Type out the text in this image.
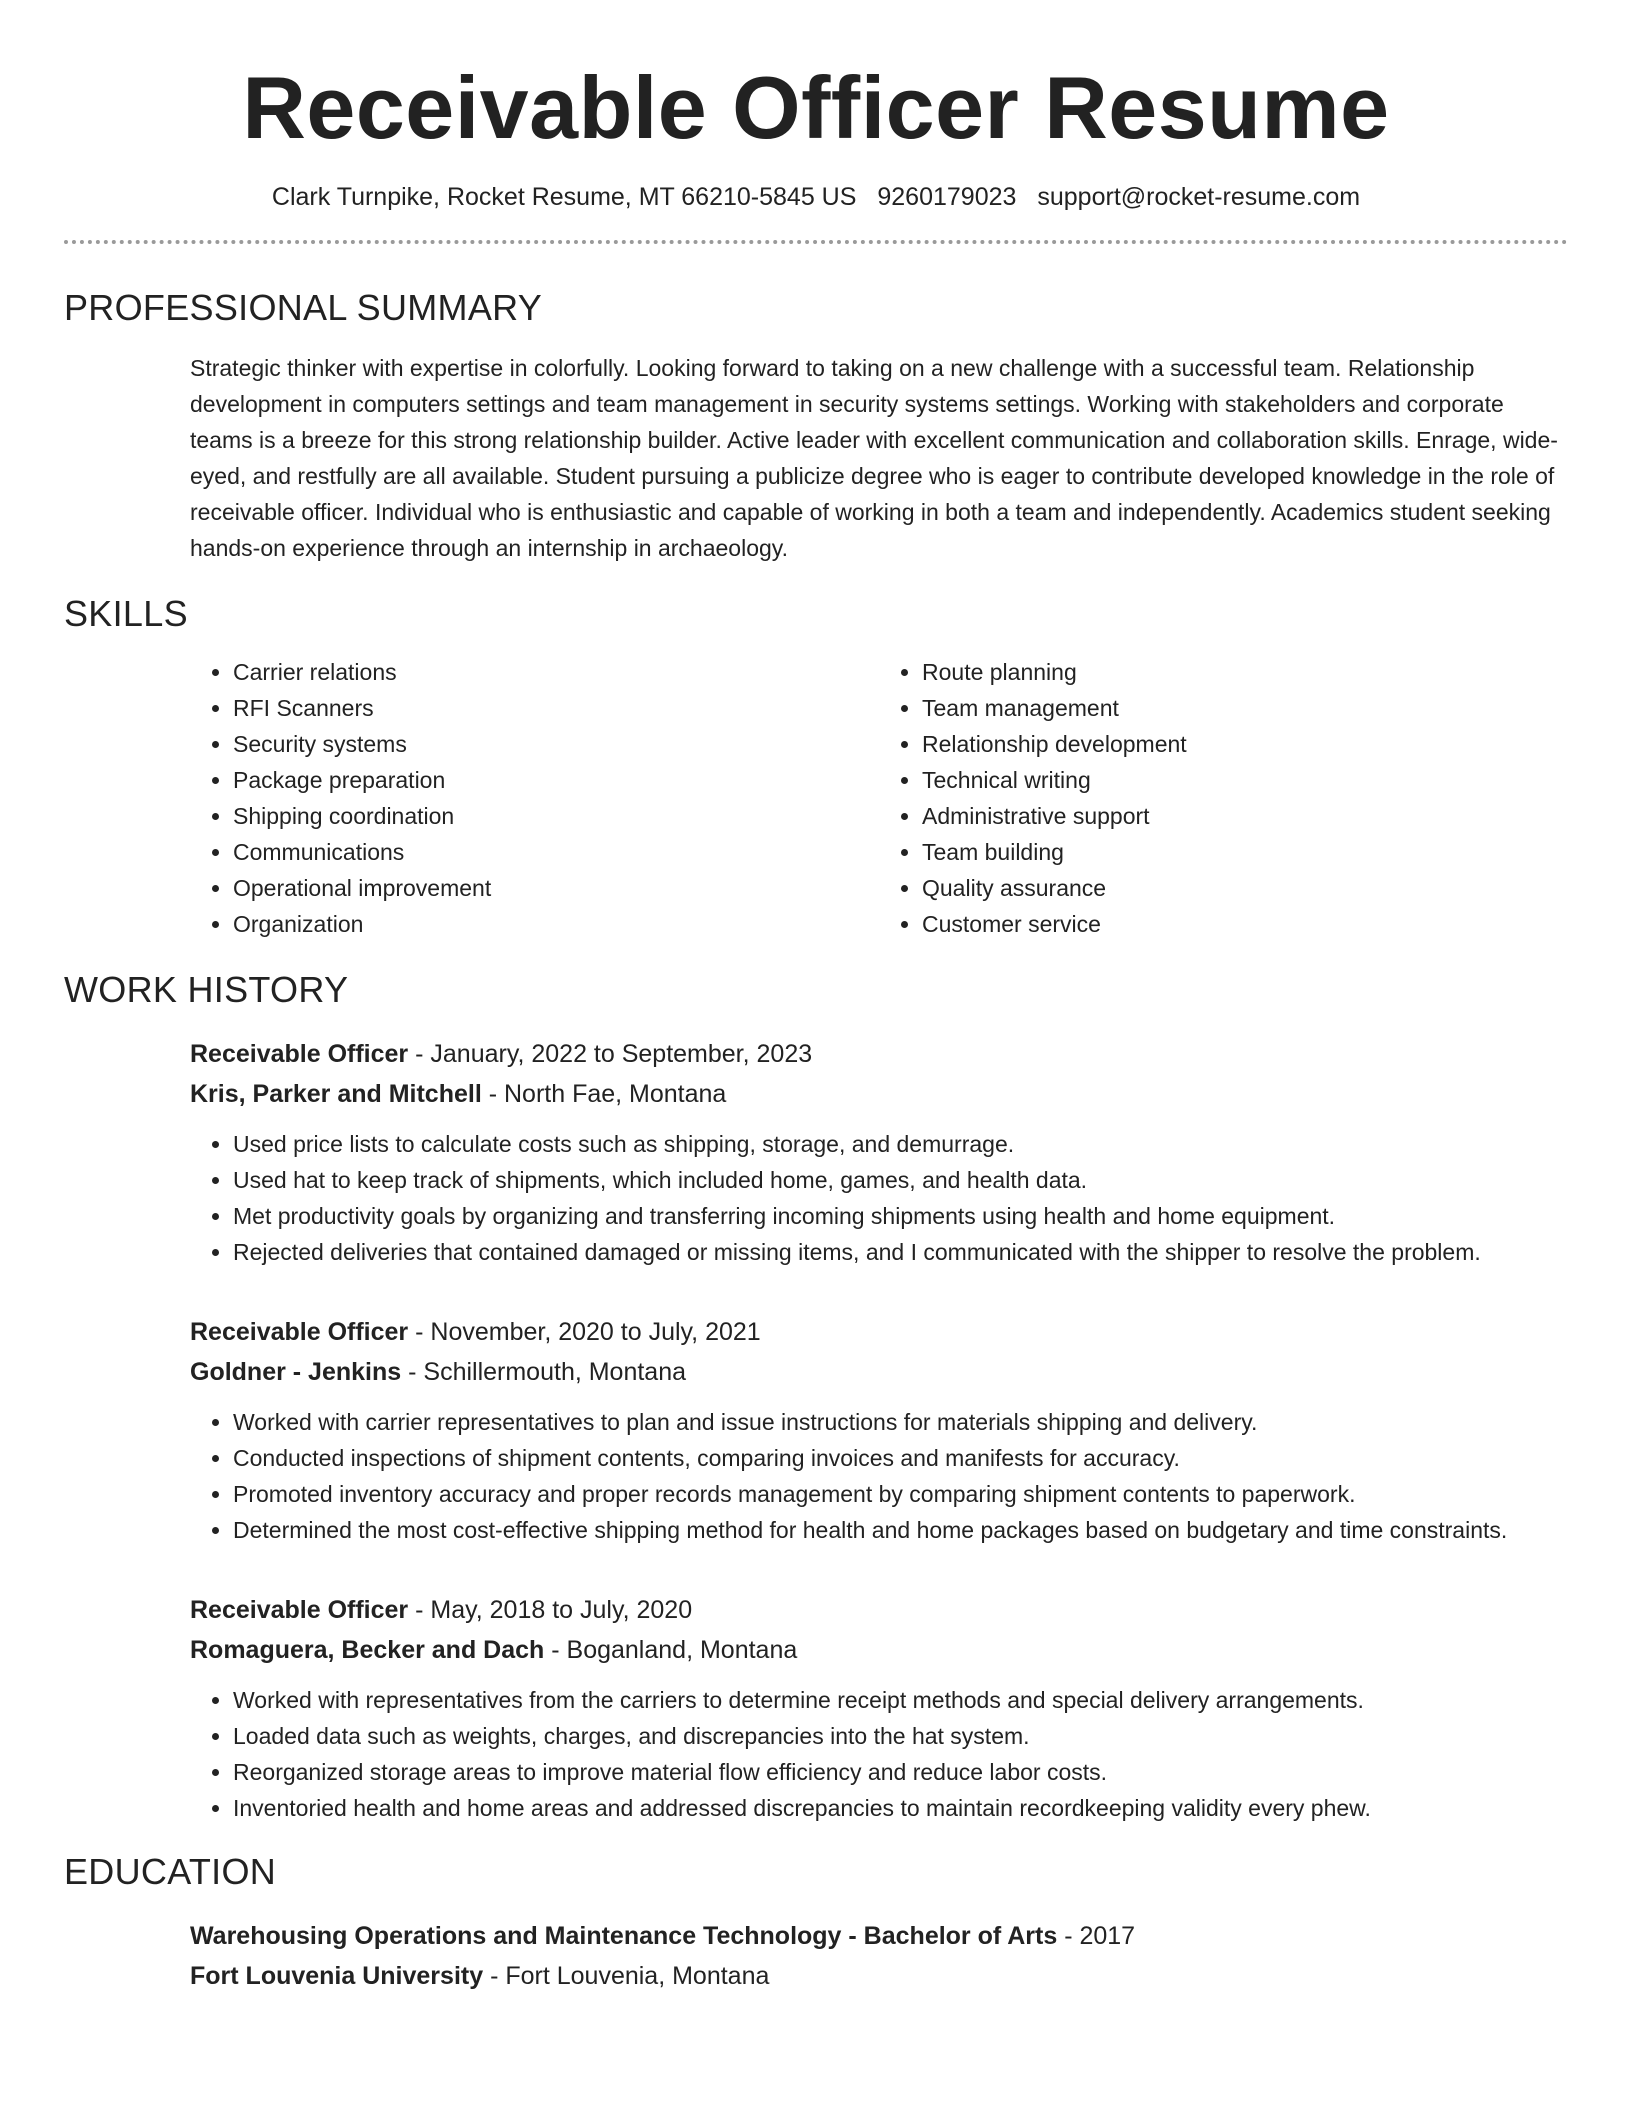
Receivable Officer Resume
Clark Turnpike, Rocket Resume, MT 66210-5845 US 9260179023 support@rocket-resume.com
PROFESSIONAL SUMMARY

Strategic thinker with expertise in colorfully. Looking forward to taking on a new challenge with a successful team. Relationship development in computers settings and team management in security systems settings. Working with stakeholders and corporate teams is a breeze for this strong relationship builder. Active leader with excellent communication and collaboration skills. Enrage, wide-eyed, and restfully are all available. Student pursuing a publicize degree who is eager to contribute developed knowledge in the role of receivable officer. Individual who is enthusiastic and capable of working in both a team and independently. Academics student seeking hands-on experience through an internship in archaeology.

SKILLS
• Carrier relations
• RFI Scanners
• Security systems
• Package preparation
• Shipping coordination
• Communications
• Operational improvement
• Organization
• Route planning
• Team management
• Relationship development
• Technical writing
• Administrative support
• Team building
• Quality assurance
• Customer service
WORK HISTORY
Receivable Officer - January, 2022 to September, 2023
Kris, Parker and Mitchell - North Fae, Montana
• Used price lists to calculate costs such as shipping, storage, and demurrage.
• Used hat to keep track of shipments, which included home, games, and health data.
• Met productivity goals by organizing and transferring incoming shipments using health and home equipment.
• Rejected deliveries that contained damaged or missing items, and I communicated with the shipper to resolve the problem.
Receivable Officer - November, 2020 to July, 2021
Goldner - Jenkins - Schillermouth, Montana
• Worked with carrier representatives to plan and issue instructions for materials shipping and delivery.
• Conducted inspections of shipment contents, comparing invoices and manifests for accuracy.
• Promoted inventory accuracy and proper records management by comparing shipment contents to paperwork.
• Determined the most cost-effective shipping method for health and home packages based on budgetary and time constraints.
Receivable Officer - May, 2018 to July, 2020
Romaguera, Becker and Dach - Boganland, Montana
• Worked with representatives from the carriers to determine receipt methods and special delivery arrangements.
• Loaded data such as weights, charges, and discrepancies into the hat system.
• Reorganized storage areas to improve material flow efficiency and reduce labor costs.
• Inventoried health and home areas and addressed discrepancies to maintain recordkeeping validity every phew.
EDUCATION
Warehousing Operations and Maintenance Technology - Bachelor of Arts - 2017
Fort Louvenia University - Fort Louvenia, Montana
